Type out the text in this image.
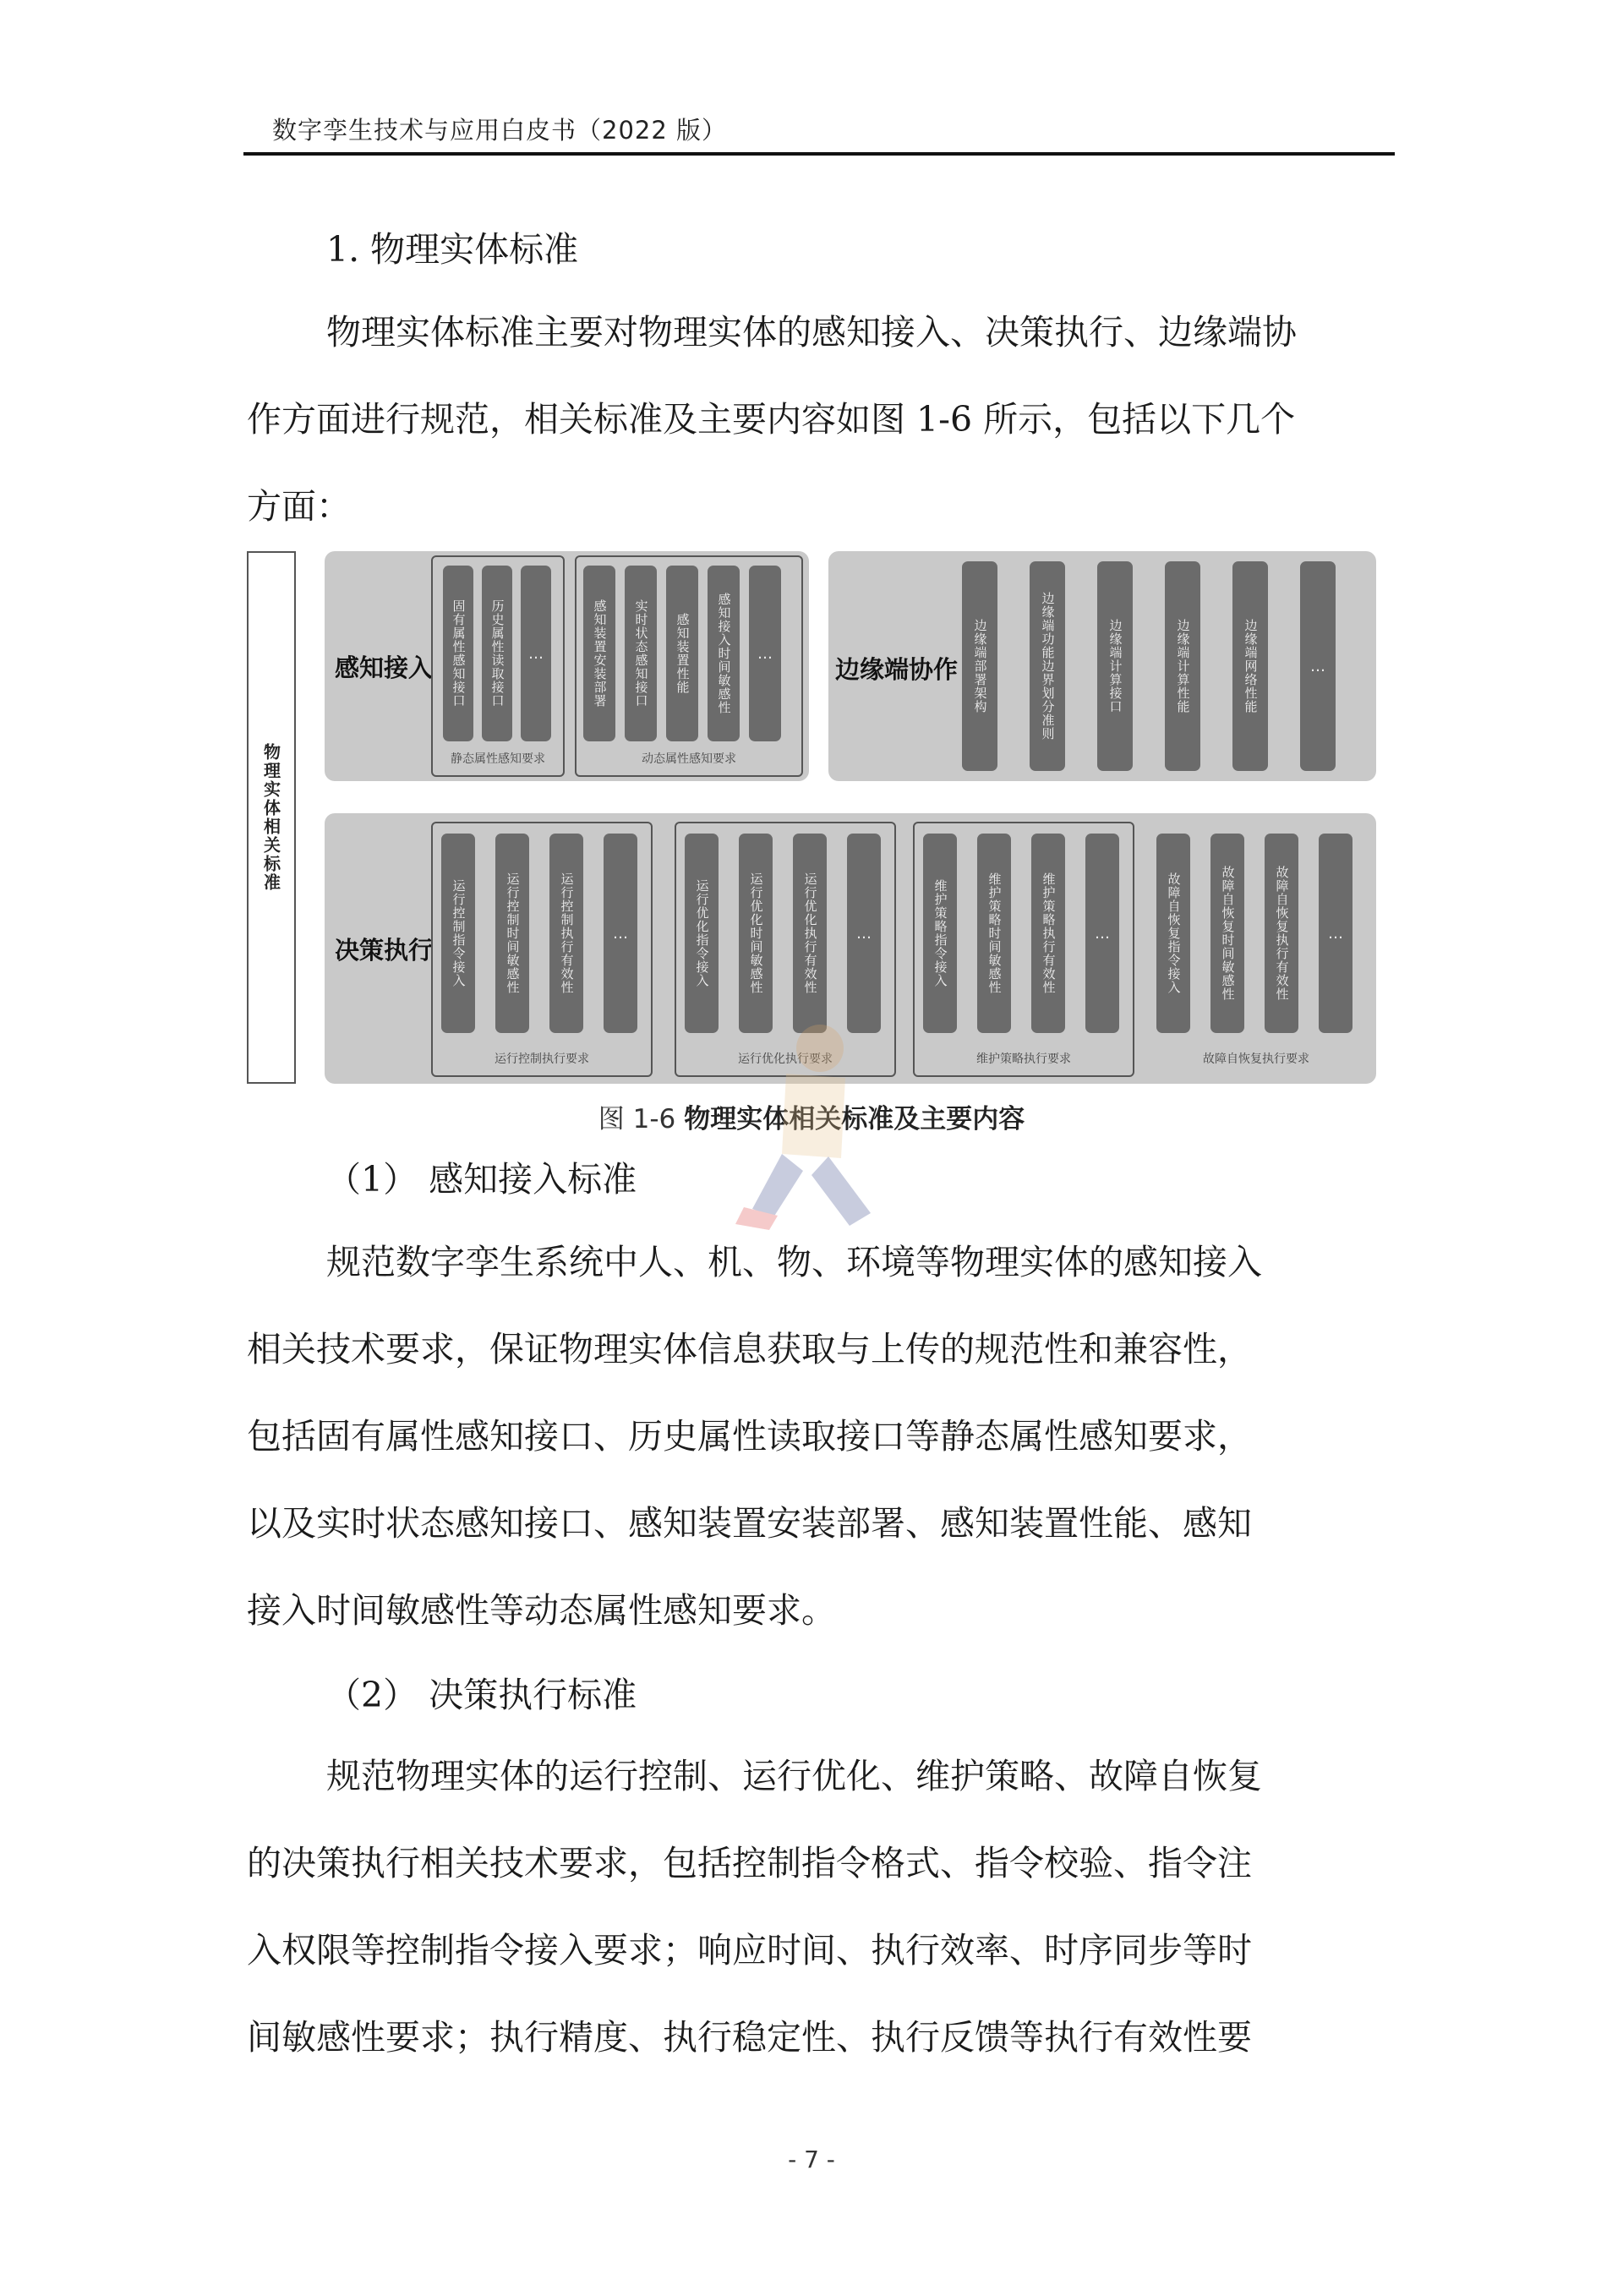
数字孪生技术与应用白皮书（2022 版）
1. 物理实体标准
物理实体标准主要对物理实体的感知接入、决策执行、边缘端协
作方面进行规范，相关标准及主要内容如图 1-6 所示，包括以下几个
方面：
物理实体相关标准
感知接入 固有属性感知接口 历史属性读取接口 …
静态属性感知要求
感知装置安装部署 实时状态感知接口 感知装置性能 感知接入时间敏感性 …
动态属性感知要求
边缘端协作 边缘端部署架构	边缘端功能边界划分准则	边缘端计算接口	边缘端计算性能	边缘端网络性能	…
决策执行 运行控制指令接入	运行控制时间敏感性	运行控制执行有效性	…
运行控制执行要求
运行优化指令接入	运行优化时间敏感性	运行优化执行有效性	…
运行优化执行要求
维护策略指令接入	维护策略时间敏感性	维护策略执行有效性	…
维护策略执行要求
故障自恢复指令接入	故障自恢复时间敏感性	故障自恢复执行有效性	…
故障自恢复执行要求
图 1-6 物理实体相关标准及主要内容
（1） 感知接入标准
规范数字孪生系统中人、机、物、环境等物理实体的感知接入
相关技术要求，保证物理实体信息获取与上传的规范性和兼容性，
包括固有属性感知接口、历史属性读取接口等静态属性感知要求，
以及实时状态感知接口、感知装置安装部署、感知装置性能、感知
接入时间敏感性等动态属性感知要求。
（2） 决策执行标准
规范物理实体的运行控制、运行优化、维护策略、故障自恢复
的决策执行相关技术要求，包括控制指令格式、指令校验、指令注
入权限等控制指令接入要求；响应时间、执行效率、时序同步等时
间敏感性要求；执行精度、执行稳定性、执行反馈等执行有效性要
- 7 -
